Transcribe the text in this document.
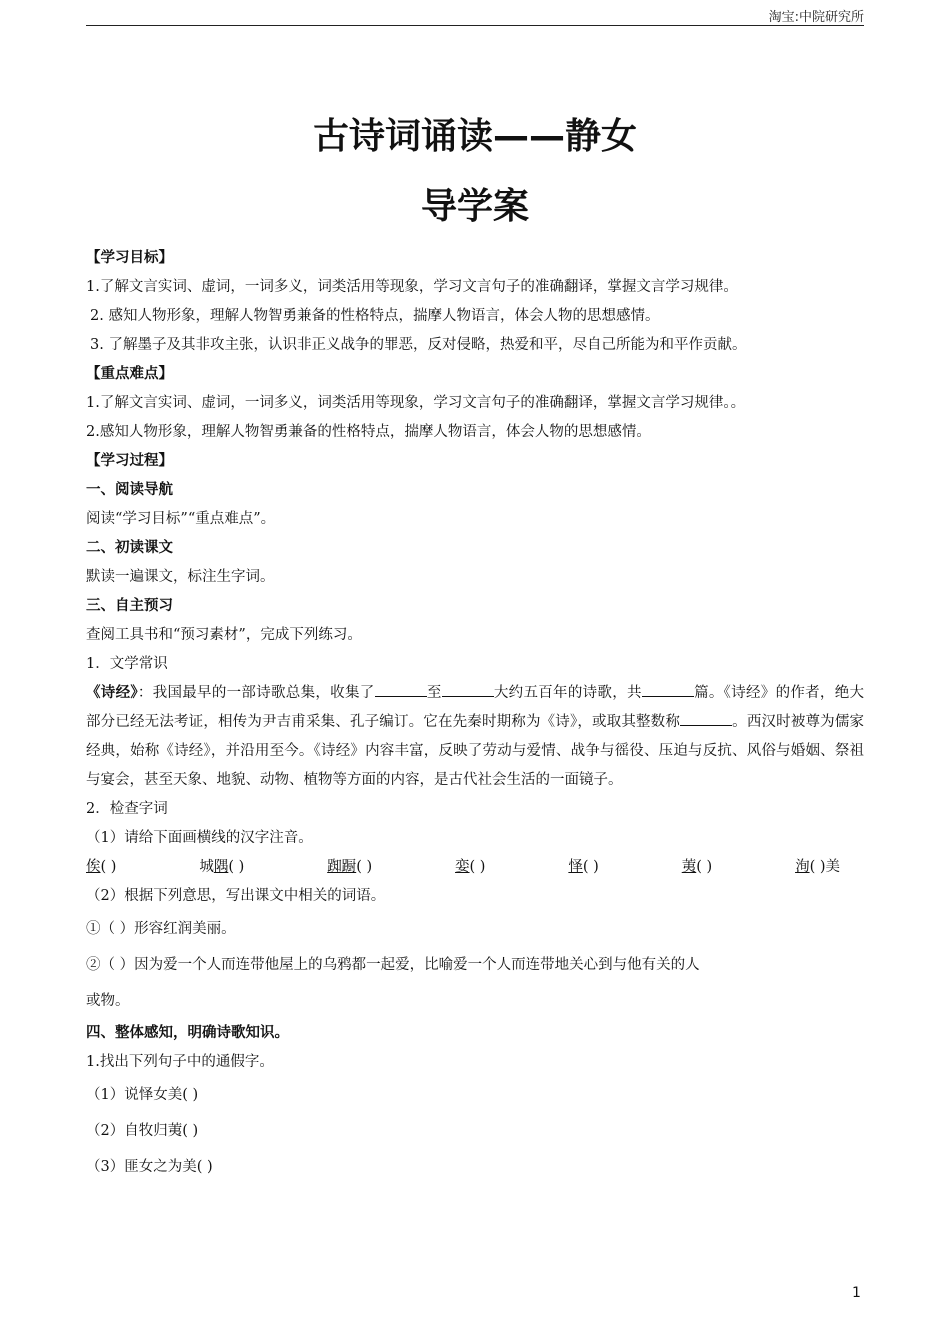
淘宝:中院研究所
古诗词诵读——静女
导学案
【学习目标】
1.了解文言实词、虚词，一词多义，词类活用等现象，学习文言句子的准确翻译，掌握文言学习规律。
2. 感知人物形象，理解人物智勇兼备的性格特点，揣摩人物语言，体会人物的思想感情。
3. 了解墨子及其非攻主张，认识非正义战争的罪恶，反对侵略，热爱和平，尽自己所能为和平作贡献。
【重点难点】
1.了解文言实词、虚词，一词多义，词类活用等现象，学习文言句子的准确翻译，掌握文言学习规律。。
2.感知人物形象，理解人物智勇兼备的性格特点，揣摩人物语言，体会人物的思想感情。
【学习过程】
一、阅读导航
阅读“学习目标”“重点难点”。
二、初读课文
默读一遍课文，标注生字词。
三、自主预习
查阅工具书和“预习素材”，完成下列练习。
1．文学常识
《诗经》：我国最早的一部诗歌总集，收集了	至	大约五百年的诗歌，共	篇。《诗经》的作者，绝大部分已经无法考证，相传为尹吉甫采集、孔子编订。它在先秦时期称为《诗》，或取其整数称	。西汉时被尊为儒家经典，始称《诗经》，并沿用至今。《诗经》内容丰富，反映了劳动与爱情、战争与徭役、压迫与反抗、风俗与婚姻、祭祖与宴会，甚至天象、地貌、动物、植物等方面的内容，是古代社会生活的一面镜子。
2．检查字词
（1）请给下面画横线的汉字注音。
俟( )	城隅( )	踟蹰( )	娈( )	怿( )	荑( )	洵( )美
（2）根据下列意思，写出课文中相关的词语。
①（ ）形容红润美丽。
②（ ）因为爱一个人而连带他屋上的乌鸦都一起爱，比喻爱一个人而连带地关心到与他有关的人
或物。
四、整体感知，明确诗歌知识。
1.找出下列句子中的通假字。
（1）说怿女美( )
（2）自牧归荑( )
（3）匪女之为美( )
1
